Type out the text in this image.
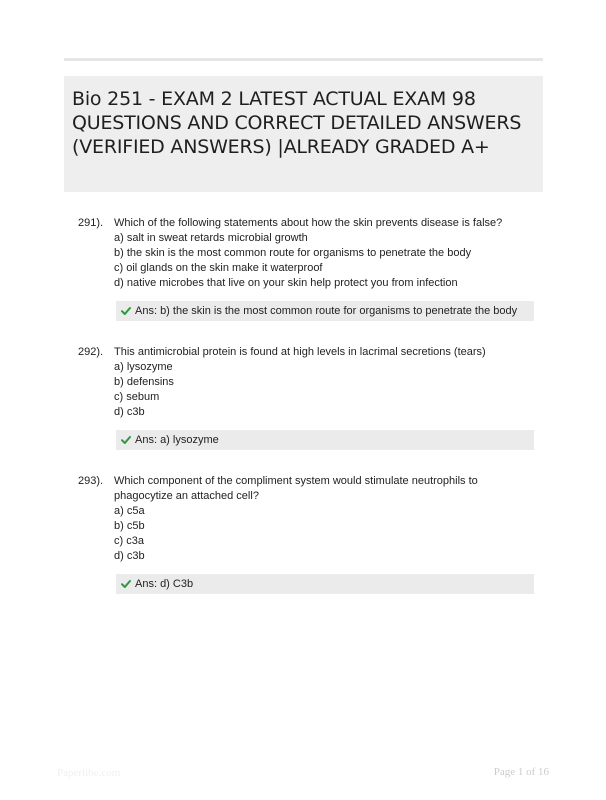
Bio 251 - EXAM 2 LATEST ACTUAL EXAM 98 QUESTIONS AND CORRECT DETAILED ANSWERS (VERIFIED ANSWERS) |ALREADY GRADED A+
291). Which of the following statements about how the skin prevents disease is false?

a) salt in sweat retards microbial growth

b) the skin is the most common route for organisms to penetrate the body

c) oil glands on the skin make it waterproof

d) native microbes that live on your skin help protect you from infection

Ans: b) the skin is the most common route for organisms to penetrate the body
292). This antimicrobial protein is found at high levels in lacrimal secretions (tears)

a) lysozyme

b) defensins

c) sebum

d) c3b

Ans: a) lysozyme
293). Which component of the compliment system would stimulate neutrophils to phagocytize an attached cell?

a) c5a

b) c5b

c) c3a

d) c3b

Ans: d) C3b
Paperlibe.com	Page 1 of 16
